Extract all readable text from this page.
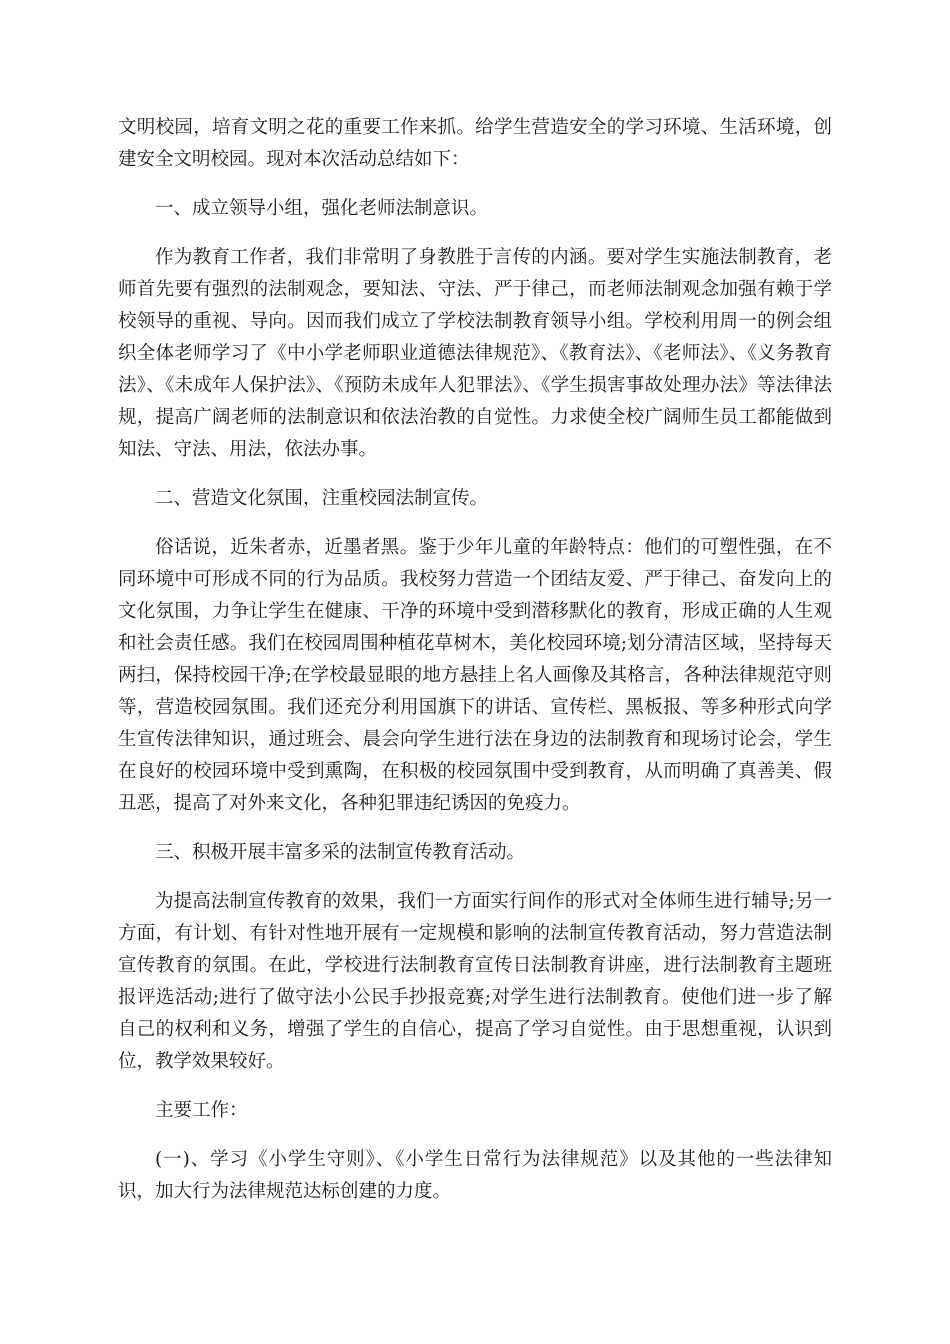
文明校园，培育文明之花的重要工作来抓。给学生营造安全的学习环境、生活环境，创建安全文明校园。现对本次活动总结如下：

一、成立领导小组，强化老师法制意识。

作为教育工作者，我们非常明了身教胜于言传的内涵。要对学生实施法制教育，老师首先要有强烈的法制观念，要知法、守法、严于律己，而老师法制观念加强有赖于学校领导的重视、导向。因而我们成立了学校法制教育领导小组。学校利用周一的例会组织全体老师学习了《中小学老师职业道德法律规范》、《教育法》、《老师法》、《义务教育法》、《未成年人保护法》、《预防未成年人犯罪法》、《学生损害事故处理办法》等法律法规，提高广阔老师的法制意识和依法治教的自觉性。力求使全校广阔师生员工都能做到知法、守法、用法，依法办事。

二、营造文化氛围，注重校园法制宣传。

俗话说，近朱者赤，近墨者黑。鉴于少年儿童的年龄特点：他们的可塑性强，在不同环境中可形成不同的行为品质。我校努力营造一个团结友爱、严于律己、奋发向上的文化氛围，力争让学生在健康、干净的环境中受到潜移默化的教育，形成正确的人生观和社会责任感。我们在校园周围种植花草树木，美化校园环境;划分清洁区域，坚持每天两扫，保持校园干净;在学校最显眼的地方悬挂上名人画像及其格言，各种法律规范守则等，营造校园氛围。我们还充分利用国旗下的讲话、宣传栏、黑板报、等多种形式向学生宣传法律知识，通过班会、晨会向学生进行法在身边的法制教育和现场讨论会，学生在良好的校园环境中受到熏陶，在积极的校园氛围中受到教育，从而明确了真善美、假丑恶，提高了对外来文化，各种犯罪违纪诱因的免疫力。

三、积极开展丰富多采的法制宣传教育活动。

为提高法制宣传教育的效果，我们一方面实行间作的形式对全体师生进行辅导;另一方面，有计划、有针对性地开展有一定规模和影响的法制宣传教育活动，努力营造法制宣传教育的氛围。在此，学校进行法制教育宣传日法制教育讲座，进行法制教育主题班报评选活动;进行了做守法小公民手抄报竞赛;对学生进行法制教育。使他们进一步了解自己的权利和义务，增强了学生的自信心，提高了学习自觉性。由于思想重视，认识到位，教学效果较好。

主要工作：

(一)、学习《小学生守则》、《小学生日常行为法律规范》以及其他的一些法律知识，加大行为法律规范达标创建的力度。
